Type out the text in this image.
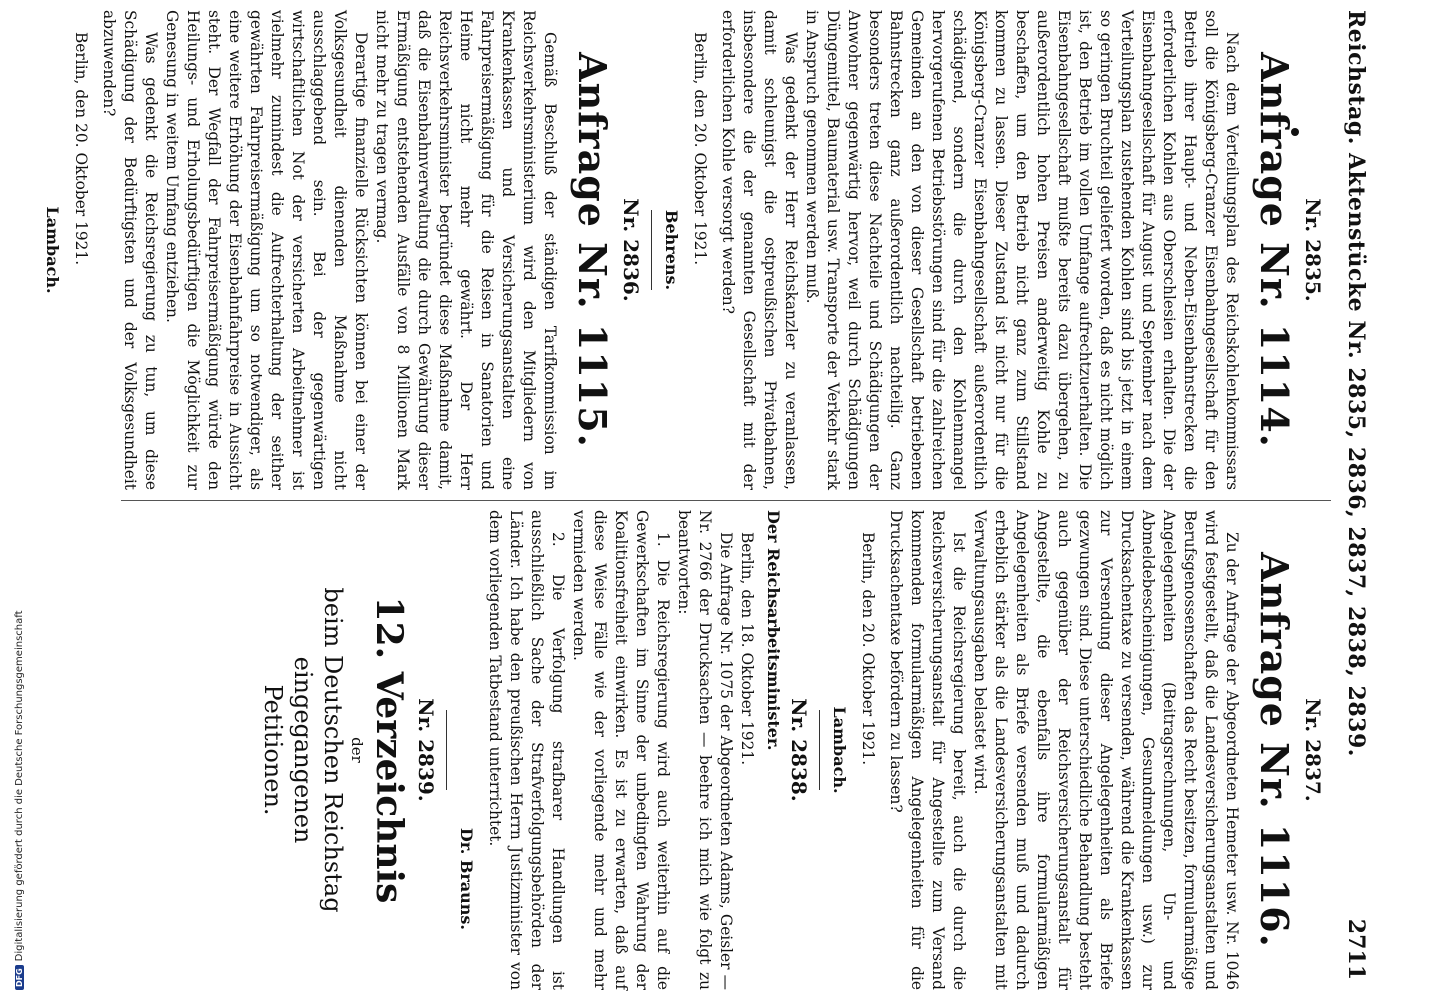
Reichstag. Aktenstücke Nr. 2835, 2836, 2837, 2838, 2839.
2711
Nr. 2835.
Anfrage Nr. 1114.

Nach dem Verteilungsplan des Reichskohlenkommissars soll die Königsberg-Cranzer Eisenbahngesellschaft für den Betrieb ihrer Haupt- und Neben-Eisenbahnstrecken die erforderlichen Kohlen aus Oberschlesien erhalten. Die der Eisenbahngesellschaft für August und September nach dem Verteilungsplan zustehenden Kohlen sind bis jetzt in einem so geringen Bruchteil geliefert worden, daß es nicht möglich ist, den Betrieb im vollen Umfange aufrechtzuerhalten. Die Eisenbahngesellschaft mußte bereits dazu übergehen, zu außerordentlich hohen Preisen anderweitig Kohle zu beschaffen, um den Betrieb nicht ganz zum Stillstand kommen zu lassen. Dieser Zustand ist nicht nur für die Königsberg-Cranzer Eisenbahngesellschaft außerordentlich schädigend, sondern die durch den Kohlenmangel hervorgerufenen Betriebsstörungen sind für die zahlreichen Gemeinden an den von dieser Gesellschaft betriebenen Bahnstrecken ganz außerordentlich nachteilig. Ganz besonders treten diese Nachteile und Schädigungen der Anwohner gegenwärtig hervor, weil durch Schädigungen Düngemittel, Baumaterial usw. Transporte der Verkehr stark in Anspruch genommen werden muß.

Was gedenkt der Herr Reichskanzler zu veranlassen, damit schleunigst die ostpreußischen Privatbahnen, insbesondere die der genannten Gesellschaft mit der erforderlichen Kohle versorgt werden?

Berlin, den 20. Oktober 1921.

Behrens.
Nr. 2836.
Anfrage Nr. 1115.

Gemäß Beschluß der ständigen Tarifkommission im Reichsverkehrsministerium wird den Mitgliedern von Krankenkassen und Versicherungsanstalten eine Fahrpreisermäßigung für die Reisen in Sanatorien und Heime nicht mehr gewährt. Der Herr Reichsverkehrsminister begründet diese Maßnahme damit, daß die Eisenbahnverwaltung die durch Gewährung dieser Ermäßigung entstehenden Ausfälle von 8 Millionen Mark nicht mehr zu tragen vermag.

Derartige finanzielle Rücksichten können bei einer der Volksgesundheit dienenden Maßnahme nicht ausschlaggebend sein. Bei der gegenwärtigen wirtschaftlichen Not der versicherten Arbeitnehmer ist vielmehr zumindest die Aufrechterhaltung der seither gewährten Fahrpreisermäßigung um so notwendiger, als eine weitere Erhöhung der Eisenbahnfahrpreise in Aussicht steht. Der Wegfall der Fahrpreisermäßigung würde den Heilungs- und Erholungsbedürftigen die Möglichkeit zur Genesung in weitem Umfang entziehen.

Was gedenkt die Reichsregierung zu tun, um diese Schädigung der Bedürftigsten und der Volksgesundheit abzuwenden?

Berlin, den 20. Oktober 1921.

Lambach.
Nr. 2837.
Anfrage Nr. 1116.

Zu der Anfrage der Abgeordneten Hemeter usw. Nr. 1046 wird festgestellt, daß die Landesversicherungsanstalten und Berufsgenossenschaften das Recht besitzen, formularmäßige Angelegenheiten (Beitragsrechnungen, Un- und Abmeldebescheinigungen, Gesundmeldungen usw.) zur Drucksachentaxe zu versenden, während die Krankenkassen zur Versendung dieser Angelegenheiten als Briefe gezwungen sind. Diese unterschiedliche Behandlung besteht auch gegenüber der Reichsversicherungsanstalt für Angestellte, die ebenfalls ihre formularmäßigen Angelegenheiten als Briefe versenden muß und dadurch erheblich stärker als die Landesversicherungsanstalten mit Verwaltungsausgaben belastet wird.

Ist die Reichsregierung bereit, auch die durch die Reichsversicherungsanstalt für Angestellte zum Versand kommenden formularmäßigen Angelegenheiten für die Drucksachentaxe befördern zu lassen?

Berlin, den 20. Oktober 1921.

Lambach.
Nr. 2838.
Der Reichsarbeitsminister.

Berlin, den 18. Oktober 1921.

Die Anfrage Nr. 1075 der Abgeordneten Adams, Geisler — Nr. 2766 der Drucksachen — beehre ich mich wie folgt zu beantworten:

1. Die Reichsregierung wird auch weiterhin auf die Gewerkschaften im Sinne der unbedingten Wahrung der Koalitionsfreiheit einwirken. Es ist zu erwarten, daß auf diese Weise Fälle wie der vorliegende mehr und mehr vermieden werden.

2. Die Verfolgung strafbarer Handlungen ist ausschließlich Sache der Strafverfolgungsbehörden der Länder. Ich habe den preußischen Herrn Justizminister von dem vorliegenden Tatbestand unterrichtet.

Dr. Brauns.
Nr. 2839.
12. Verzeichnis

der

beim Deutschen Reichstag eingegangenen

Petitionen.

DFGDigitalisierung gefördert durch die Deutsche Forschungsgemeinschaft
